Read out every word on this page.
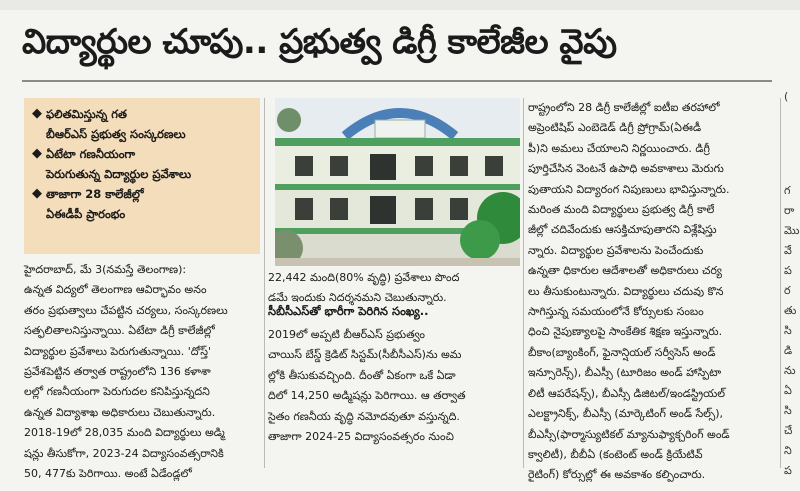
విద్యార్థుల చూపు.. ప్రభుత్వ డిగ్రీ కాలేజీల వైపు
◆ ఫలితమిస్తున్న గత
బీఆర్ఎస్ ప్రభుత్వ సంస్కరణలు
◆ ఏటేటా గణనీయంగా
పెరుగుతున్న విద్యార్థుల ప్రవేశాలు
◆ తాజాగా 28 కాలేజీల్లో
ఏఈడీపీ ప్రారంభం
22,442 మంది(80% వృద్ధి) ప్రవేశాలు పొంద
డమే ఇందుకు నిదర్శనమని చెబుతున్నారు.
హైదరాబాద్, మే 3(నమస్తే తెలంగాణ):
ఉన్నత విద్యలో తెలంగాణ ఆవిర్భావం అనం
తరం ప్రభుత్వాలు చేపట్టిన చర్యలు, సంస్కరణలు
సత్ఫలితాలనిస్తున్నాయి. ఏటేటా డిగ్రీ కాలేజీల్లో
విద్యార్థుల ప్రవేశాలు పెరుగుతున్నాయి. 'దోస్త్'
ప్రవేశపెట్టిన తర్వాత రాష్ట్రంలోని 136 కళాశా
లల్లో గణనీయంగా పెరుగుదల కనిపిస్తున్నదని
ఉన్నత విద్యాశాఖ అధికారులు చెబుతున్నారు.
2018-19లో 28,035 మంది విద్యార్థులు అడ్మి
షన్లు తీసుకోగా, 2023-24 విద్యాసంవత్సరానికి
50, 477కు పెరిగాయి. అంటే ఏడేండ్లలో
సీబీసీఎస్‌తో భారీగా పెరిగిన సంఖ్య..
2019లో అప్పటి బీఆర్ఎస్ ప్రభుత్వం
చాయిస్ బేస్డ్ క్రెడిట్ సిస్టమ్(సీబీసీఎస్)ను అమ
ల్లోకి తీసుకువచ్చింది. దీంతో ఏకంగా ఒకే ఏడా
దిలో 14,250 అడ్మిషన్లు పెరిగాయి. ఆ తర్వాత
సైతం గణనీయ వృద్ధి నమోదవుతూ వస్తున్నది.
తాజాగా 2024-25 విద్యాసంవత్సరం నుంచి
రాష్ట్రంలోని 28 డిగ్రీ కాలేజీల్లో ఐటీఐ తరహాలో
అప్రెంటిషిప్ ఎంబెడెడ్ డిగ్రీ ప్రోగ్రామ్(ఏఈడీ
పీ)ని అమలు చేయాలని నిర్ణయించారు. డిగ్రీ
పూర్తిచేసిన వెంటనే ఉపాధి అవకాశాలు మెరుగు
పుతాయని విద్యారంగ నిపుణులు భావిస్తున్నారు.
మరింత మంది విద్యార్థులు ప్రభుత్వ డిగ్రీ కాలే
జీల్లో చదివేందుకు ఆసక్తిచూపుతారని విశ్లేషిస్తు
న్నారు. విద్యార్థుల ప్రవేశాలను పెంచేందుకు
ఉన్నతా ధికారుల ఆదేశాలతో అధికారులు చర్య
లు తీసుకుంటున్నారు. విద్యార్థులు చదువు కొన
సాగిస్తున్న సమయంలోనే కోర్సులకు సంబం
ధించి నైపుణ్యాలపై సాంకేతిక శిక్షణ ఇస్తున్నారు.
బీకాం(బ్యాంకింగ్, ఫైనాన్షియల్ సర్వీసెస్ అండ్
ఇన్సూరెన్స్), బీఎస్సీ (టూరిజం అండ్ హాస్పిటా
లిటీ ఆపరేషన్స్), బీఎస్సీ డిజిటల్/ఇండస్ట్రియల్
ఎలక్ట్రానిక్స్, బీఎస్సీ (మార్కెటింగ్ అండ్ సేల్స్),
బీఎస్సీ(ఫార్మాస్యుటికల్ మ్యానుఫ్యాక్చరింగ్ అండ్
క్వాలిటీ), బీబీఏ (కంటెంట్ అండ్ క్రియేటివ్
రైటింగ్) కోర్సుల్లో ఈ అవకాశం కల్పించారు.
(
గ
రా
మొ
వే
ప
ర
తు
సి
డి
ను
ఏ
సి
చే
ని
ప
